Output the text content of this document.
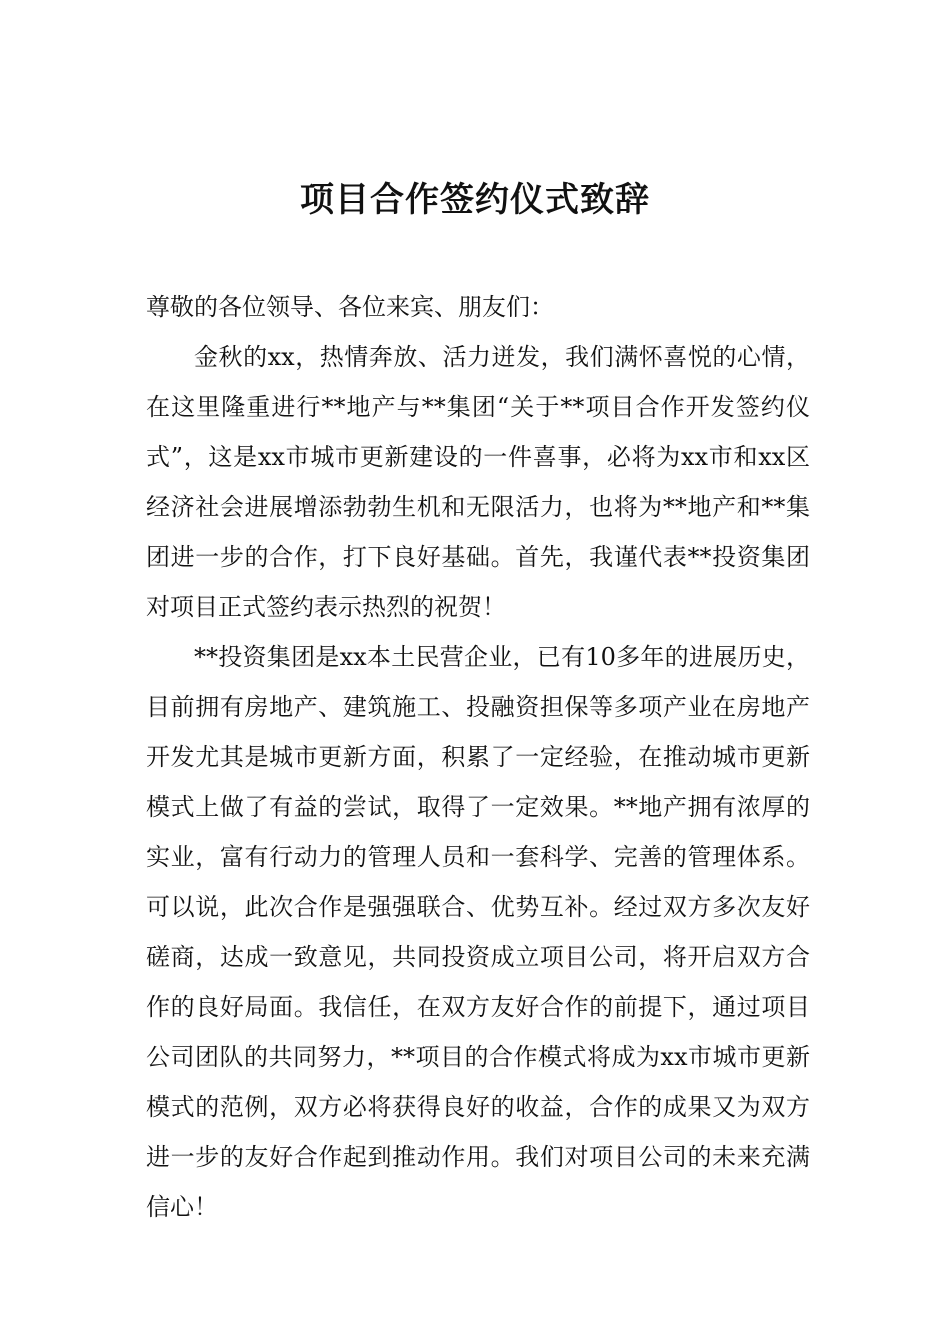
项目合作签约仪式致辞

尊敬的各位领导、各位来宾、朋友们：

金秋的xx，热情奔放、活力迸发，我们满怀喜悦的心情，在这里隆重进行**地产与**集团“关于**项目合作开发签约仪式”，这是xx市城市更新建设的一件喜事，必将为xx市和xx区经济社会进展增添勃勃生机和无限活力，也将为**地产和**集团进一步的合作，打下良好基础。首先，我谨代表**投资集团对项目正式签约表示热烈的祝贺！

**投资集团是xx本土民营企业，已有10多年的进展历史，目前拥有房地产、建筑施工、投融资担保等多项产业在房地产开发尤其是城市更新方面，积累了一定经验，在推动城市更新模式上做了有益的尝试，取得了一定效果。**地产拥有浓厚的实业，富有行动力的管理人员和一套科学、完善的管理体系。可以说，此次合作是强强联合、优势互补。经过双方多次友好磋商，达成一致意见，共同投资成立项目公司，将开启双方合作的良好局面。我信任，在双方友好合作的前提下，通过项目公司团队的共同努力，**项目的合作模式将成为xx市城市更新模式的范例，双方必将获得良好的收益，合作的成果又为双方进一步的友好合作起到推动作用。我们对项目公司的未来充满信心！
